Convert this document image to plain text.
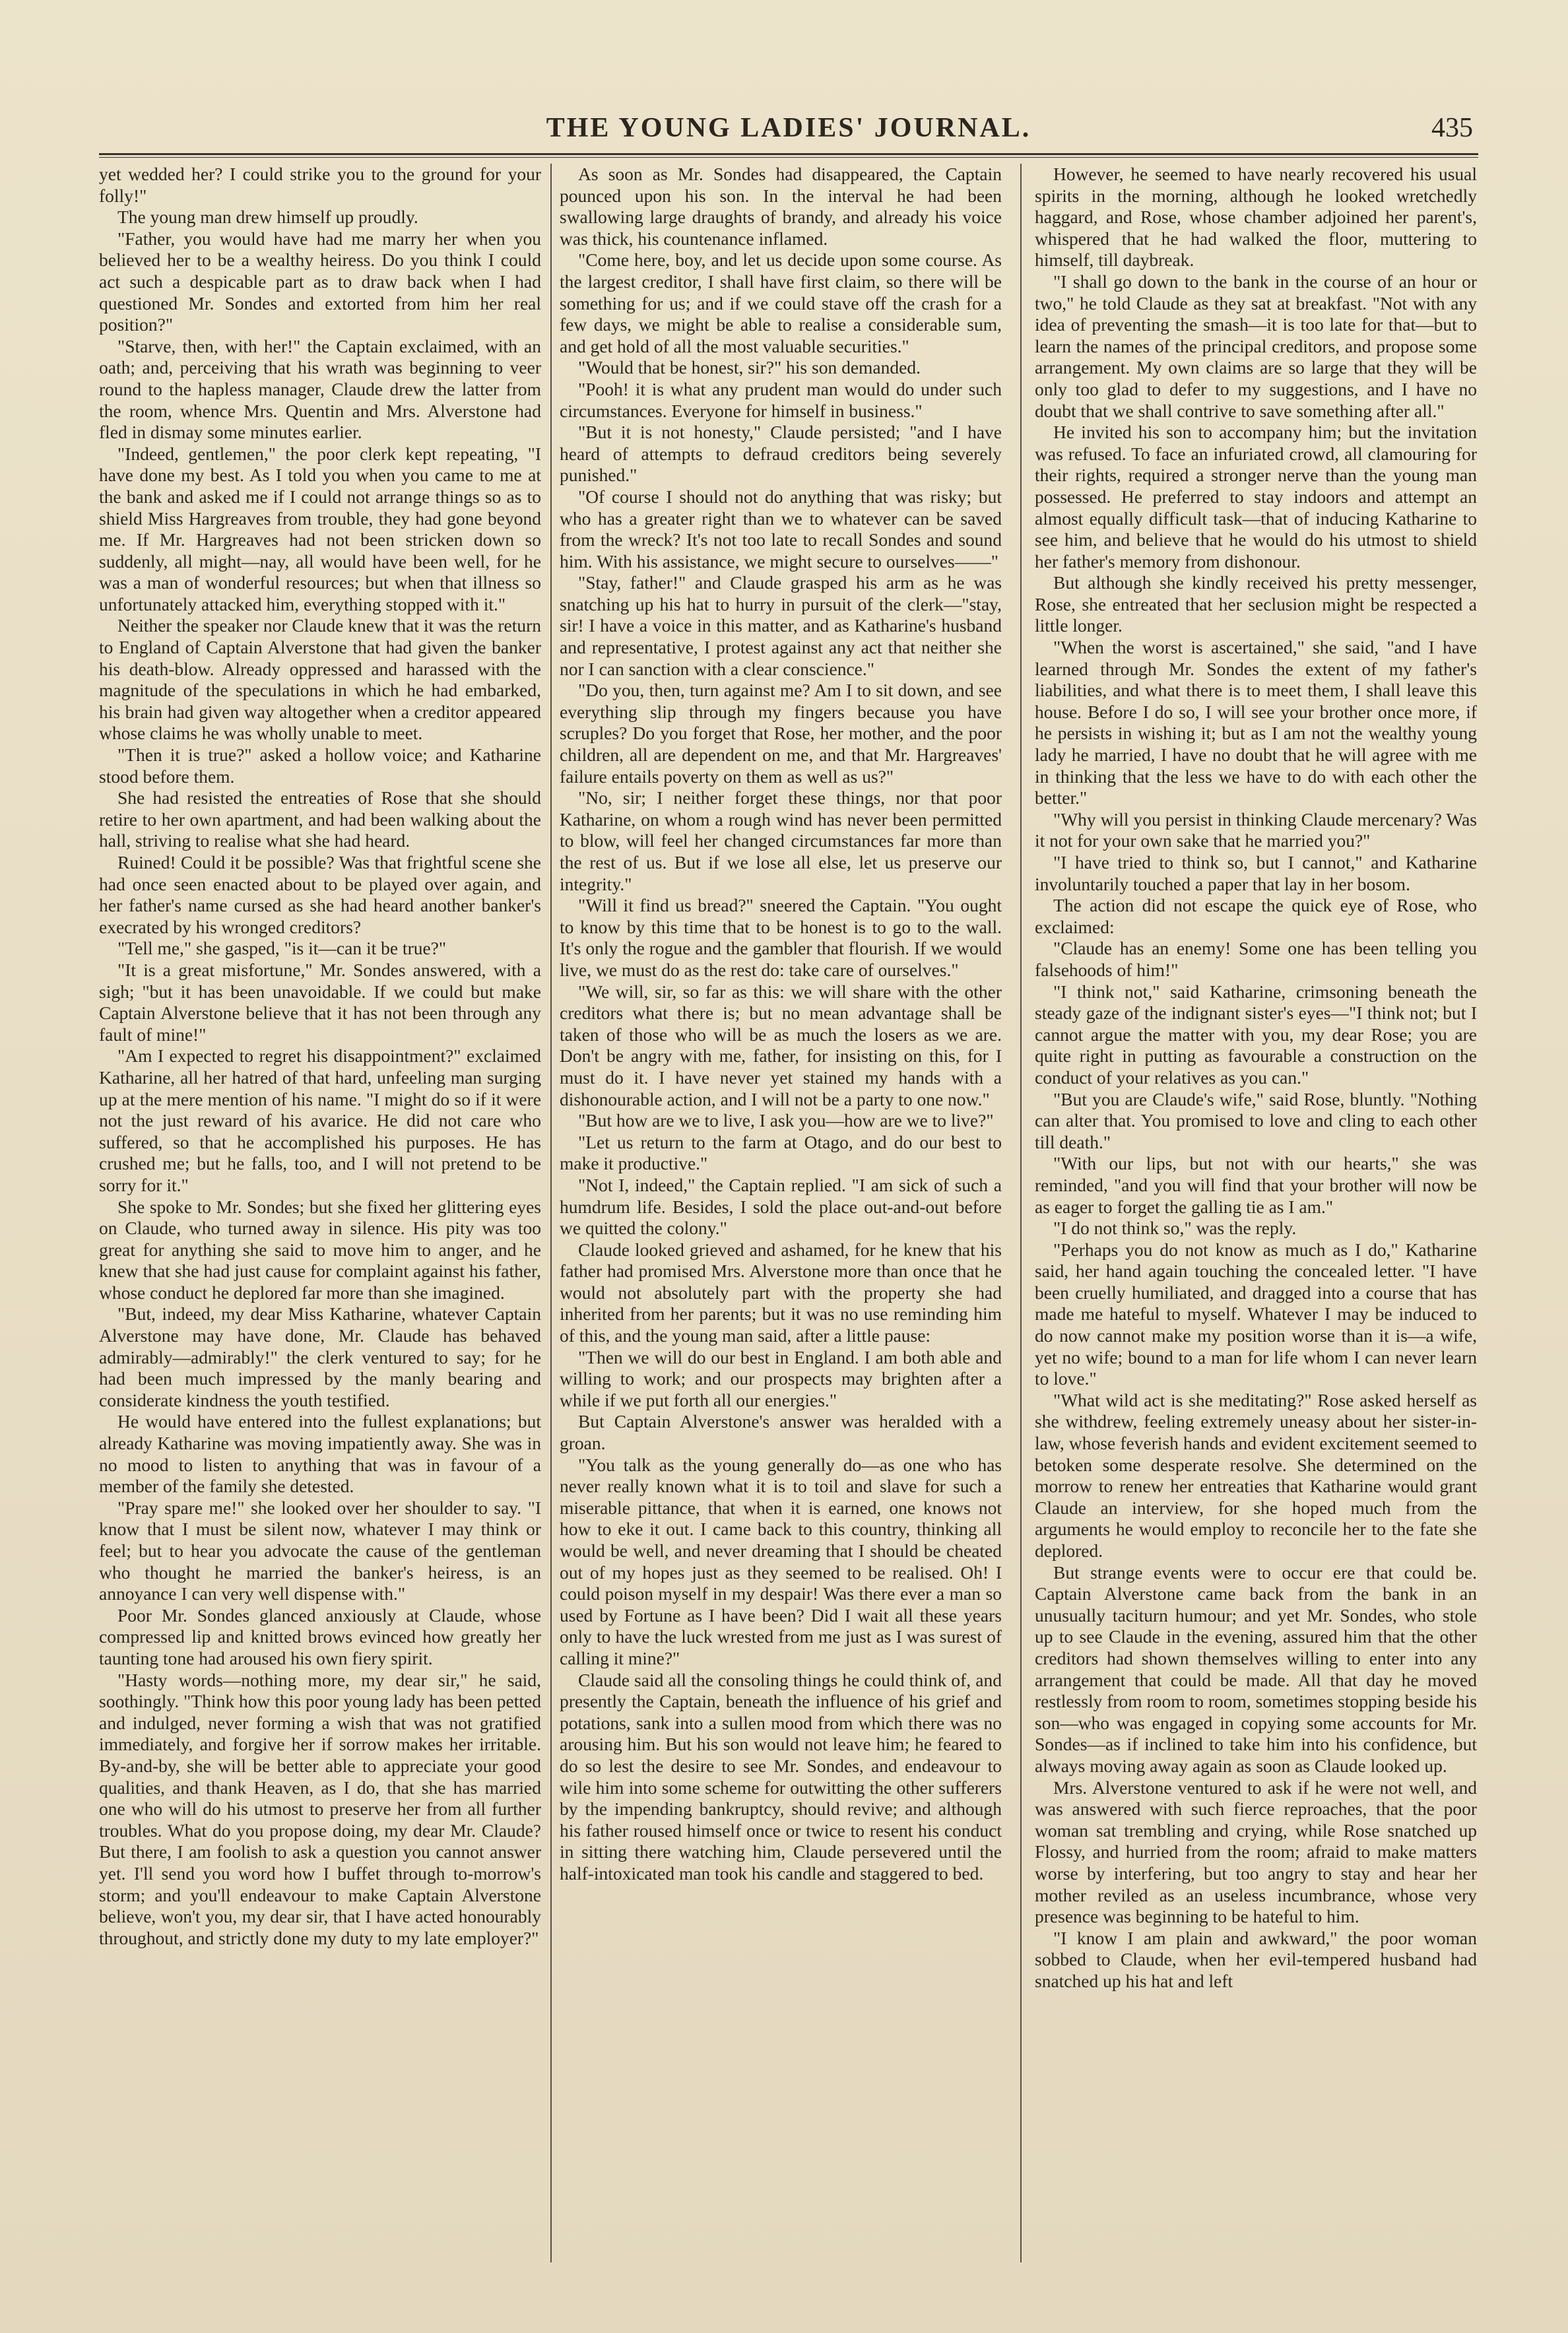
THE YOUNG LADIES' JOURNAL.	435

yet wedded her? I could strike you to the ground for your folly!"

The young man drew himself up proudly.

"Father, you would have had me marry her when you believed her to be a wealthy heiress. Do you think I could act such a despicable part as to draw back when I had questioned Mr. Sondes and extorted from him her real position?"

"Starve, then, with her!" the Captain exclaimed, with an oath; and, perceiving that his wrath was beginning to veer round to the hapless manager, Claude drew the latter from the room, whence Mrs. Quentin and Mrs. Alverstone had fled in dismay some minutes earlier.

"Indeed, gentlemen," the poor clerk kept repeating, "I have done my best. As I told you when you came to me at the bank and asked me if I could not arrange things so as to shield Miss Hargreaves from trouble, they had gone beyond me. If Mr. Hargreaves had not been stricken down so suddenly, all might—nay, all would have been well, for he was a man of wonderful resources; but when that illness so unfortunately attacked him, everything stopped with it."

Neither the speaker nor Claude knew that it was the return to England of Captain Alverstone that had given the banker his death-blow. Already oppressed and harassed with the magnitude of the speculations in which he had embarked, his brain had given way altogether when a creditor appeared whose claims he was wholly unable to meet.

"Then it is true?" asked a hollow voice; and Katharine stood before them.

She had resisted the entreaties of Rose that she should retire to her own apartment, and had been walking about the hall, striving to realise what she had heard.

Ruined! Could it be possible? Was that frightful scene she had once seen enacted about to be played over again, and her father's name cursed as she had heard another banker's execrated by his wronged creditors?

"Tell me," she gasped, "is it—can it be true?"

"It is a great misfortune," Mr. Sondes answered, with a sigh; "but it has been unavoidable. If we could but make Captain Alverstone believe that it has not been through any fault of mine!"

"Am I expected to regret his disappointment?" exclaimed Katharine, all her hatred of that hard, unfeeling man surging up at the mere mention of his name. "I might do so if it were not the just reward of his avarice. He did not care who suffered, so that he accomplished his purposes. He has crushed me; but he falls, too, and I will not pretend to be sorry for it."

She spoke to Mr. Sondes; but she fixed her glittering eyes on Claude, who turned away in silence. His pity was too great for anything she said to move him to anger, and he knew that she had just cause for complaint against his father, whose conduct he deplored far more than she imagined.

"But, indeed, my dear Miss Katharine, whatever Captain Alverstone may have done, Mr. Claude has behaved admirably—admirably!" the clerk ventured to say; for he had been much impressed by the manly bearing and considerate kindness the youth testified.

He would have entered into the fullest explanations; but already Katharine was moving impatiently away. She was in no mood to listen to anything that was in favour of a member of the family she detested.

"Pray spare me!" she looked over her shoulder to say. "I know that I must be silent now, whatever I may think or feel; but to hear you advocate the cause of the gentleman who thought he married the banker's heiress, is an annoyance I can very well dispense with."

Poor Mr. Sondes glanced anxiously at Claude, whose compressed lip and knitted brows evinced how greatly her taunting tone had aroused his own fiery spirit.

"Hasty words—nothing more, my dear sir," he said, soothingly. "Think how this poor young lady has been petted and indulged, never forming a wish that was not gratified immediately, and forgive her if sorrow makes her irritable. By-and-by, she will be better able to appreciate your good qualities, and thank Heaven, as I do, that she has married one who will do his utmost to preserve her from all further troubles. What do you propose doing, my dear Mr. Claude? But there, I am foolish to ask a question you cannot answer yet. I'll send you word how I buffet through to-morrow's storm; and you'll endeavour to make Captain Alverstone believe, won't you, my dear sir, that I have acted honourably throughout, and strictly done my duty to my late employer?"

As soon as Mr. Sondes had disappeared, the Captain pounced upon his son. In the interval he had been swallowing large draughts of brandy, and already his voice was thick, his countenance inflamed.

"Come here, boy, and let us decide upon some course. As the largest creditor, I shall have first claim, so there will be something for us; and if we could stave off the crash for a few days, we might be able to realise a considerable sum, and get hold of all the most valuable securities."

"Would that be honest, sir?" his son demanded.

"Pooh! it is what any prudent man would do under such circumstances. Everyone for himself in business."

"But it is not honesty," Claude persisted; "and I have heard of attempts to defraud creditors being severely punished."

"Of course I should not do anything that was risky; but who has a greater right than we to whatever can be saved from the wreck? It's not too late to recall Sondes and sound him. With his assistance, we might secure to ourselves——"

"Stay, father!" and Claude grasped his arm as he was snatching up his hat to hurry in pursuit of the clerk—"stay, sir! I have a voice in this matter, and as Katharine's husband and representative, I protest against any act that neither she nor I can sanction with a clear conscience."

"Do you, then, turn against me? Am I to sit down, and see everything slip through my fingers because you have scruples? Do you forget that Rose, her mother, and the poor children, all are dependent on me, and that Mr. Hargreaves' failure entails poverty on them as well as us?"

"No, sir; I neither forget these things, nor that poor Katharine, on whom a rough wind has never been permitted to blow, will feel her changed circumstances far more than the rest of us. But if we lose all else, let us preserve our integrity."

"Will it find us bread?" sneered the Captain. "You ought to know by this time that to be honest is to go to the wall. It's only the rogue and the gambler that flourish. If we would live, we must do as the rest do: take care of ourselves."

"We will, sir, so far as this: we will share with the other creditors what there is; but no mean advantage shall be taken of those who will be as much the losers as we are. Don't be angry with me, father, for insisting on this, for I must do it. I have never yet stained my hands with a dishonourable action, and I will not be a party to one now."

"But how are we to live, I ask you—how are we to live?"

"Let us return to the farm at Otago, and do our best to make it productive."

"Not I, indeed," the Captain replied. "I am sick of such a humdrum life. Besides, I sold the place out-and-out before we quitted the colony."

Claude looked grieved and ashamed, for he knew that his father had promised Mrs. Alverstone more than once that he would not absolutely part with the property she had inherited from her parents; but it was no use reminding him of this, and the young man said, after a little pause:

"Then we will do our best in England. I am both able and willing to work; and our prospects may brighten after a while if we put forth all our energies."

But Captain Alverstone's answer was heralded with a groan.

"You talk as the young generally do—as one who has never really known what it is to toil and slave for such a miserable pittance, that when it is earned, one knows not how to eke it out. I came back to this country, thinking all would be well, and never dreaming that I should be cheated out of my hopes just as they seemed to be realised. Oh! I could poison myself in my despair! Was there ever a man so used by Fortune as I have been? Did I wait all these years only to have the luck wrested from me just as I was surest of calling it mine?"

Claude said all the consoling things he could think of, and presently the Captain, beneath the influence of his grief and potations, sank into a sullen mood from which there was no arousing him. But his son would not leave him; he feared to do so lest the desire to see Mr. Sondes, and endeavour to wile him into some scheme for outwitting the other sufferers by the impending bankruptcy, should revive; and although his father roused himself once or twice to resent his conduct in sitting there watching him, Claude persevered until the half-intoxicated man took his candle and staggered to bed.

However, he seemed to have nearly recovered his usual spirits in the morning, although he looked wretchedly haggard, and Rose, whose chamber adjoined her parent's, whispered that he had walked the floor, muttering to himself, till daybreak.

"I shall go down to the bank in the course of an hour or two," he told Claude as they sat at breakfast. "Not with any idea of preventing the smash—it is too late for that—but to learn the names of the principal creditors, and propose some arrangement. My own claims are so large that they will be only too glad to defer to my suggestions, and I have no doubt that we shall contrive to save something after all."

He invited his son to accompany him; but the invitation was refused. To face an infuriated crowd, all clamouring for their rights, required a stronger nerve than the young man possessed. He preferred to stay indoors and attempt an almost equally difficult task—that of inducing Katharine to see him, and believe that he would do his utmost to shield her father's memory from dishonour.

But although she kindly received his pretty messenger, Rose, she entreated that her seclusion might be respected a little longer.

"When the worst is ascertained," she said, "and I have learned through Mr. Sondes the extent of my father's liabilities, and what there is to meet them, I shall leave this house. Before I do so, I will see your brother once more, if he persists in wishing it; but as I am not the wealthy young lady he married, I have no doubt that he will agree with me in thinking that the less we have to do with each other the better."

"Why will you persist in thinking Claude mercenary? Was it not for your own sake that he married you?"

"I have tried to think so, but I cannot," and Katharine involuntarily touched a paper that lay in her bosom.

The action did not escape the quick eye of Rose, who exclaimed:

"Claude has an enemy! Some one has been telling you falsehoods of him!"

"I think not," said Katharine, crimsoning beneath the steady gaze of the indignant sister's eyes—"I think not; but I cannot argue the matter with you, my dear Rose; you are quite right in putting as favourable a construction on the conduct of your relatives as you can."

"But you are Claude's wife," said Rose, bluntly. "Nothing can alter that. You promised to love and cling to each other till death."

"With our lips, but not with our hearts," she was reminded, "and you will find that your brother will now be as eager to forget the galling tie as I am."

"I do not think so," was the reply.

"Perhaps you do not know as much as I do," Katharine said, her hand again touching the concealed letter. "I have been cruelly humiliated, and dragged into a course that has made me hateful to myself. Whatever I may be induced to do now cannot make my position worse than it is—a wife, yet no wife; bound to a man for life whom I can never learn to love."

"What wild act is she meditating?" Rose asked herself as she withdrew, feeling extremely uneasy about her sister-in-law, whose feverish hands and evident excitement seemed to betoken some desperate resolve. She determined on the morrow to renew her entreaties that Katharine would grant Claude an interview, for she hoped much from the arguments he would employ to reconcile her to the fate she deplored.

But strange events were to occur ere that could be. Captain Alverstone came back from the bank in an unusually taciturn humour; and yet Mr. Sondes, who stole up to see Claude in the evening, assured him that the other creditors had shown themselves willing to enter into any arrangement that could be made. All that day he moved restlessly from room to room, sometimes stopping beside his son—who was engaged in copying some accounts for Mr. Sondes—as if inclined to take him into his confidence, but always moving away again as soon as Claude looked up.

Mrs. Alverstone ventured to ask if he were not well, and was answered with such fierce reproaches, that the poor woman sat trembling and crying, while Rose snatched up Flossy, and hurried from the room; afraid to make matters worse by interfering, but too angry to stay and hear her mother reviled as an useless incumbrance, whose very presence was beginning to be hateful to him.

"I know I am plain and awkward," the poor woman sobbed to Claude, when her evil-tempered husband had snatched up his hat and left
